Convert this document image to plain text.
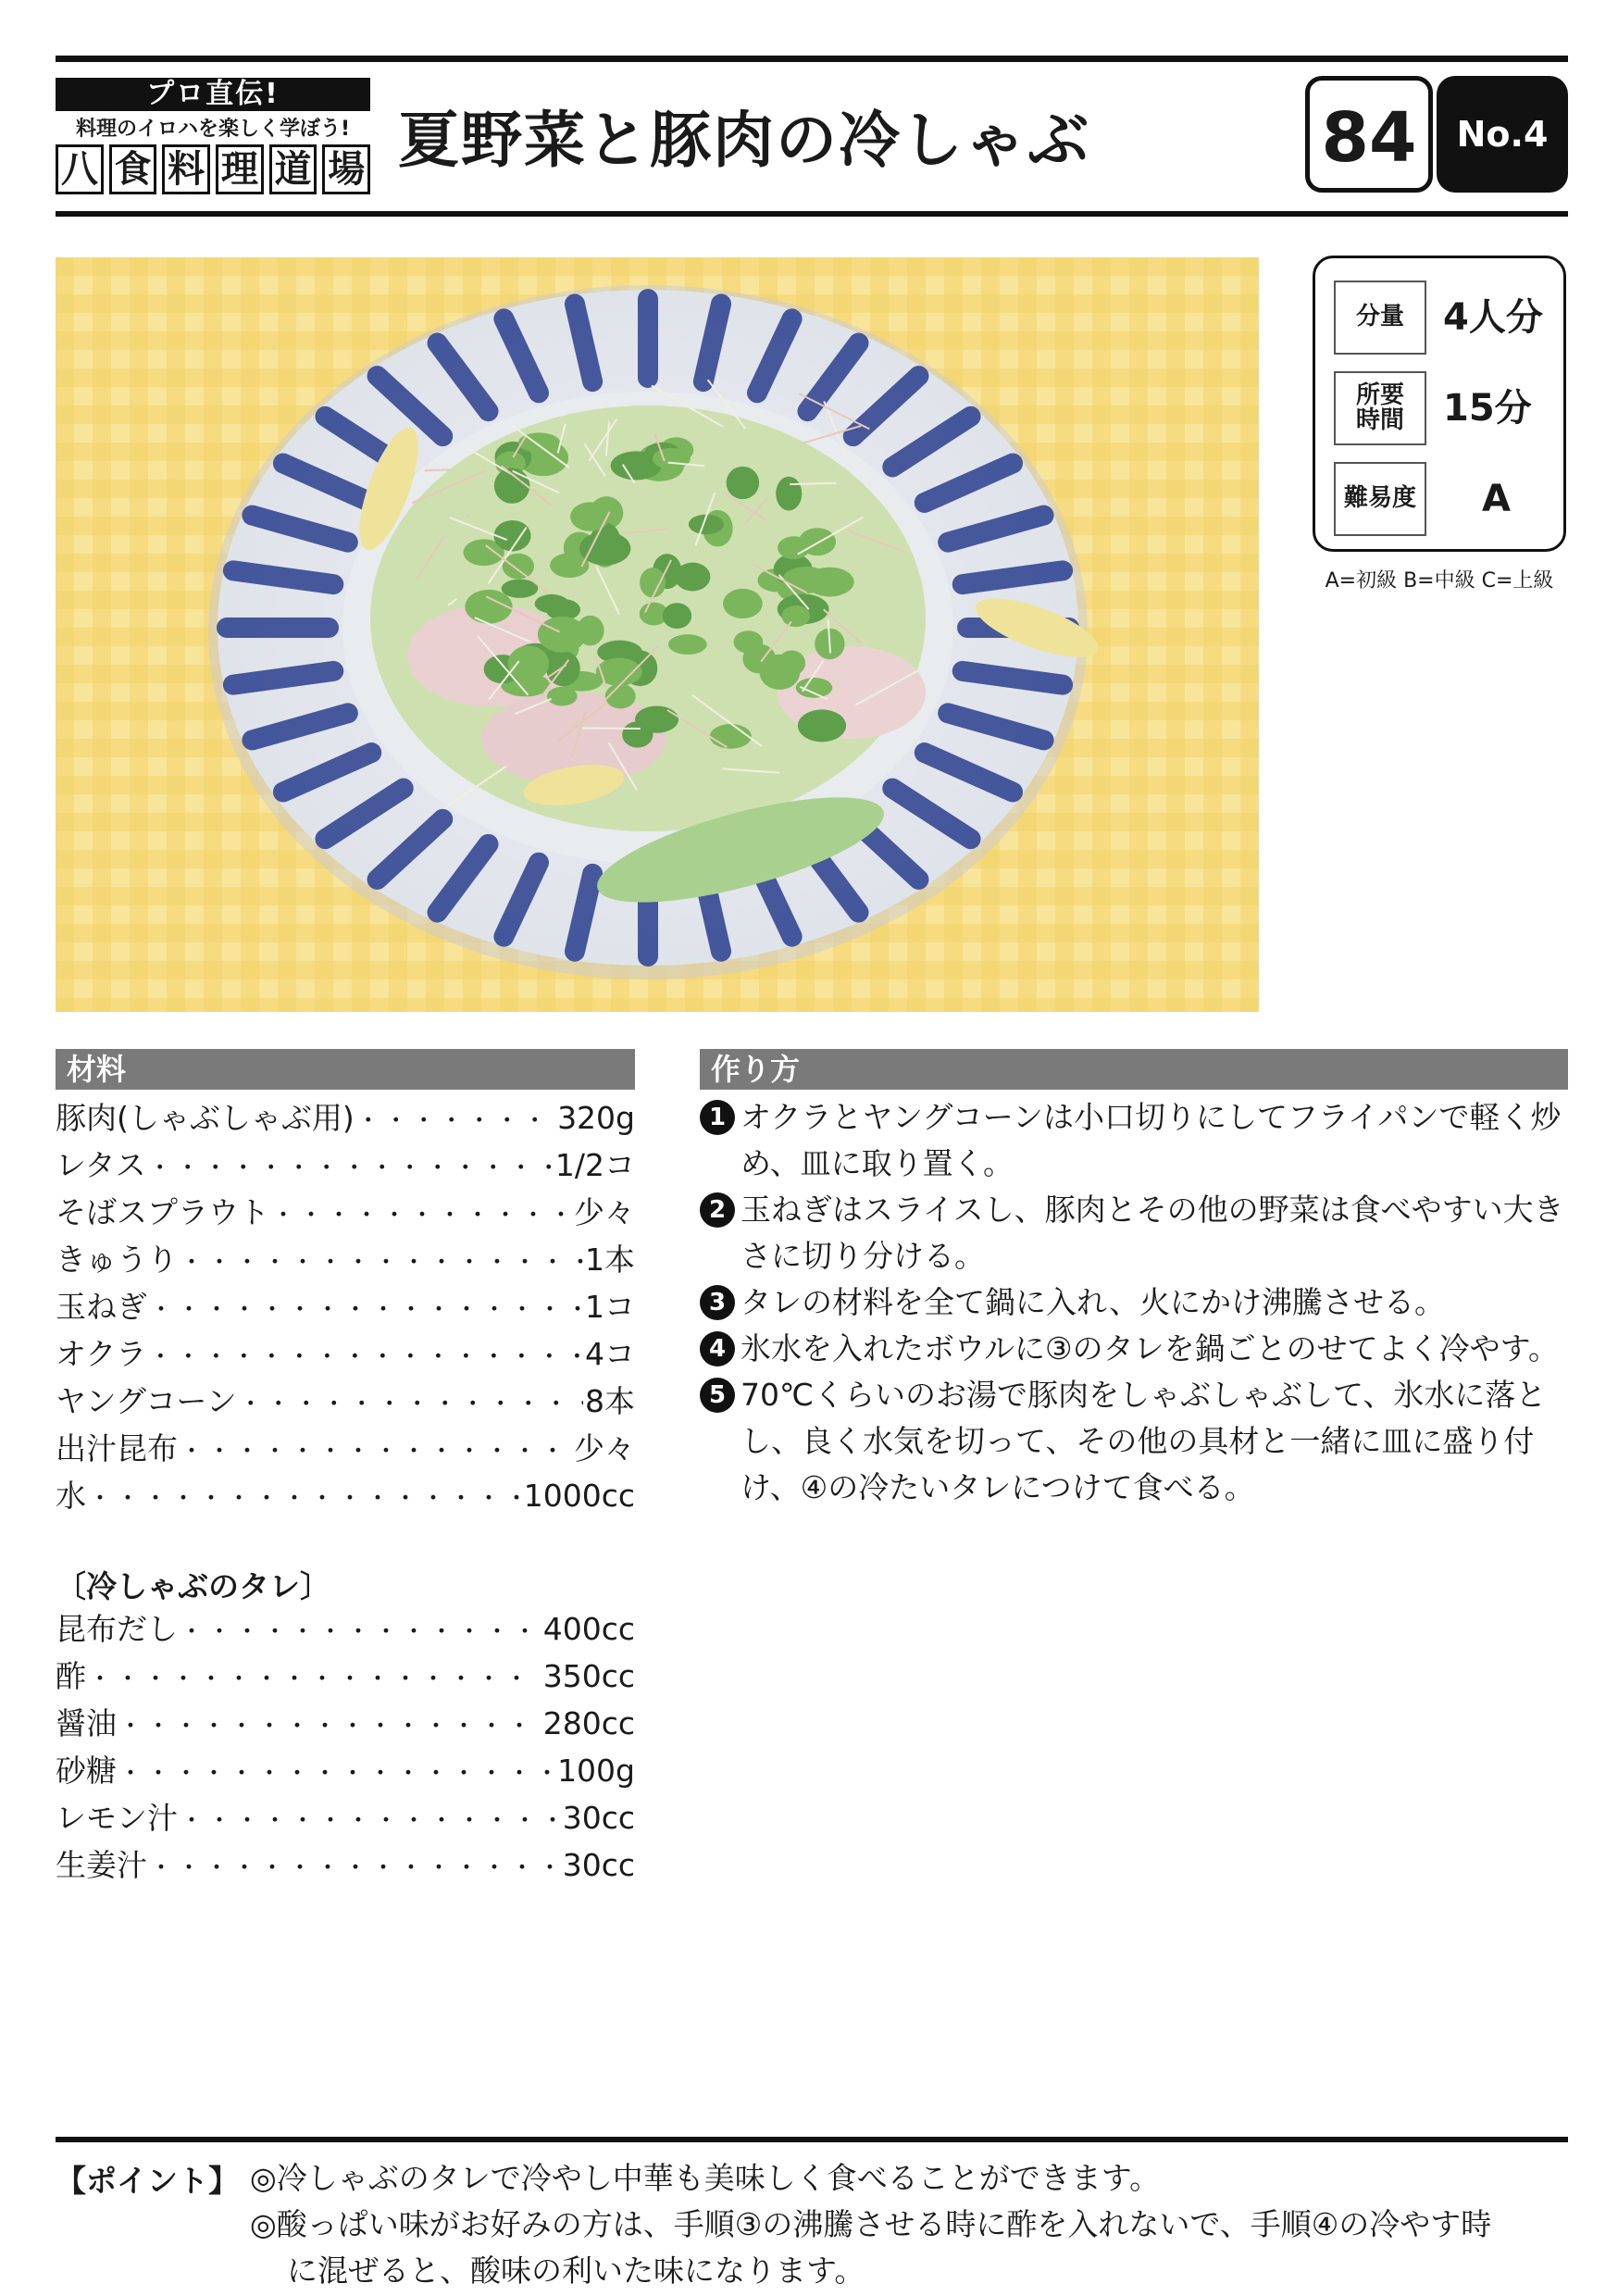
プロ直伝!
料理のイロハを楽しく学ぼう!
八 食 料 理 道 場 夏野菜と豚肉の冷しゃぶ	84	No.4
分量	4人分
所要
時間	15分
難易度 A
A=初級 B=中級 C=上級
材料
豚肉(しゃぶしゃぶ用) ・・・・・・・・・・・・・・・・・・・・・・・・・・・・・・・・・・・・・・・・・・・・・・・・・・・・	320g
レタス ・・・・・・・・・・・・・・・・・・・・・・・・・・・・・・・・・・・・・・・・・・・・・・・・・・・・	1/2コ
そばスプラウト ・・・・・・・・・・・・・・・・・・・・・・・・・・・・・・・・・・・・・・・・・・・・・・・・・・・・	少々
きゅうり ・・・・・・・・・・・・・・・・・・・・・・・・・・・・・・・・・・・・・・・・・・・・・・・・・・・・	1本
玉ねぎ ・・・・・・・・・・・・・・・・・・・・・・・・・・・・・・・・・・・・・・・・・・・・・・・・・・・・	1コ
オクラ ・・・・・・・・・・・・・・・・・・・・・・・・・・・・・・・・・・・・・・・・・・・・・・・・・・・・	4コ
ヤングコーン ・・・・・・・・・・・・・・・・・・・・・・・・・・・・・・・・・・・・・・・・・・・・・・・・・・・・	8本
出汁昆布 ・・・・・・・・・・・・・・・・・・・・・・・・・・・・・・・・・・・・・・・・・・・・・・・・・・・・	少々
水 ・・・・・・・・・・・・・・・・・・・・・・・・・・・・・・・・・・・・・・・・・・・・・・・・・・・・	1000cc
〔冷しゃぶのタレ〕
昆布だし ・・・・・・・・・・・・・・・・・・・・・・・・・・・・・・・・・・・・・・・・・・・・・・・・・・・・	400cc
酢 ・・・・・・・・・・・・・・・・・・・・・・・・・・・・・・・・・・・・・・・・・・・・・・・・・・・・	350cc
醤油 ・・・・・・・・・・・・・・・・・・・・・・・・・・・・・・・・・・・・・・・・・・・・・・・・・・・・	280cc
砂糖 ・・・・・・・・・・・・・・・・・・・・・・・・・・・・・・・・・・・・・・・・・・・・・・・・・・・・	100g
レモン汁 ・・・・・・・・・・・・・・・・・・・・・・・・・・・・・・・・・・・・・・・・・・・・・・・・・・・・	30cc
生姜汁 ・・・・・・・・・・・・・・・・・・・・・・・・・・・・・・・・・・・・・・・・・・・・・・・・・・・・	30cc
作り方
1 オクラとヤングコーンは小口切りにしてフライパンで軽く炒め、皿に取り置く。
2 玉ねぎはスライスし、豚肉とその他の野菜は食べやすい大きさに切り分ける。
3 タレの材料を全て鍋に入れ、火にかけ沸騰させる。
4 氷水を入れたボウルに③のタレを鍋ごとのせてよく冷やす。
5 70℃くらいのお湯で豚肉をしゃぶしゃぶして、氷水に落とし、良く水気を切って、その他の具材と一緒に皿に盛り付け、④の冷たいタレにつけて食べる。
【ポイント】 ◎冷しゃぶのタレで冷やし中華も美味しく食べることができます。
◎酸っぱい味がお好みの方は、手順③の沸騰させる時に酢を入れないで、手順④の冷やす時
に混ぜると、酸味の利いた味になります。
